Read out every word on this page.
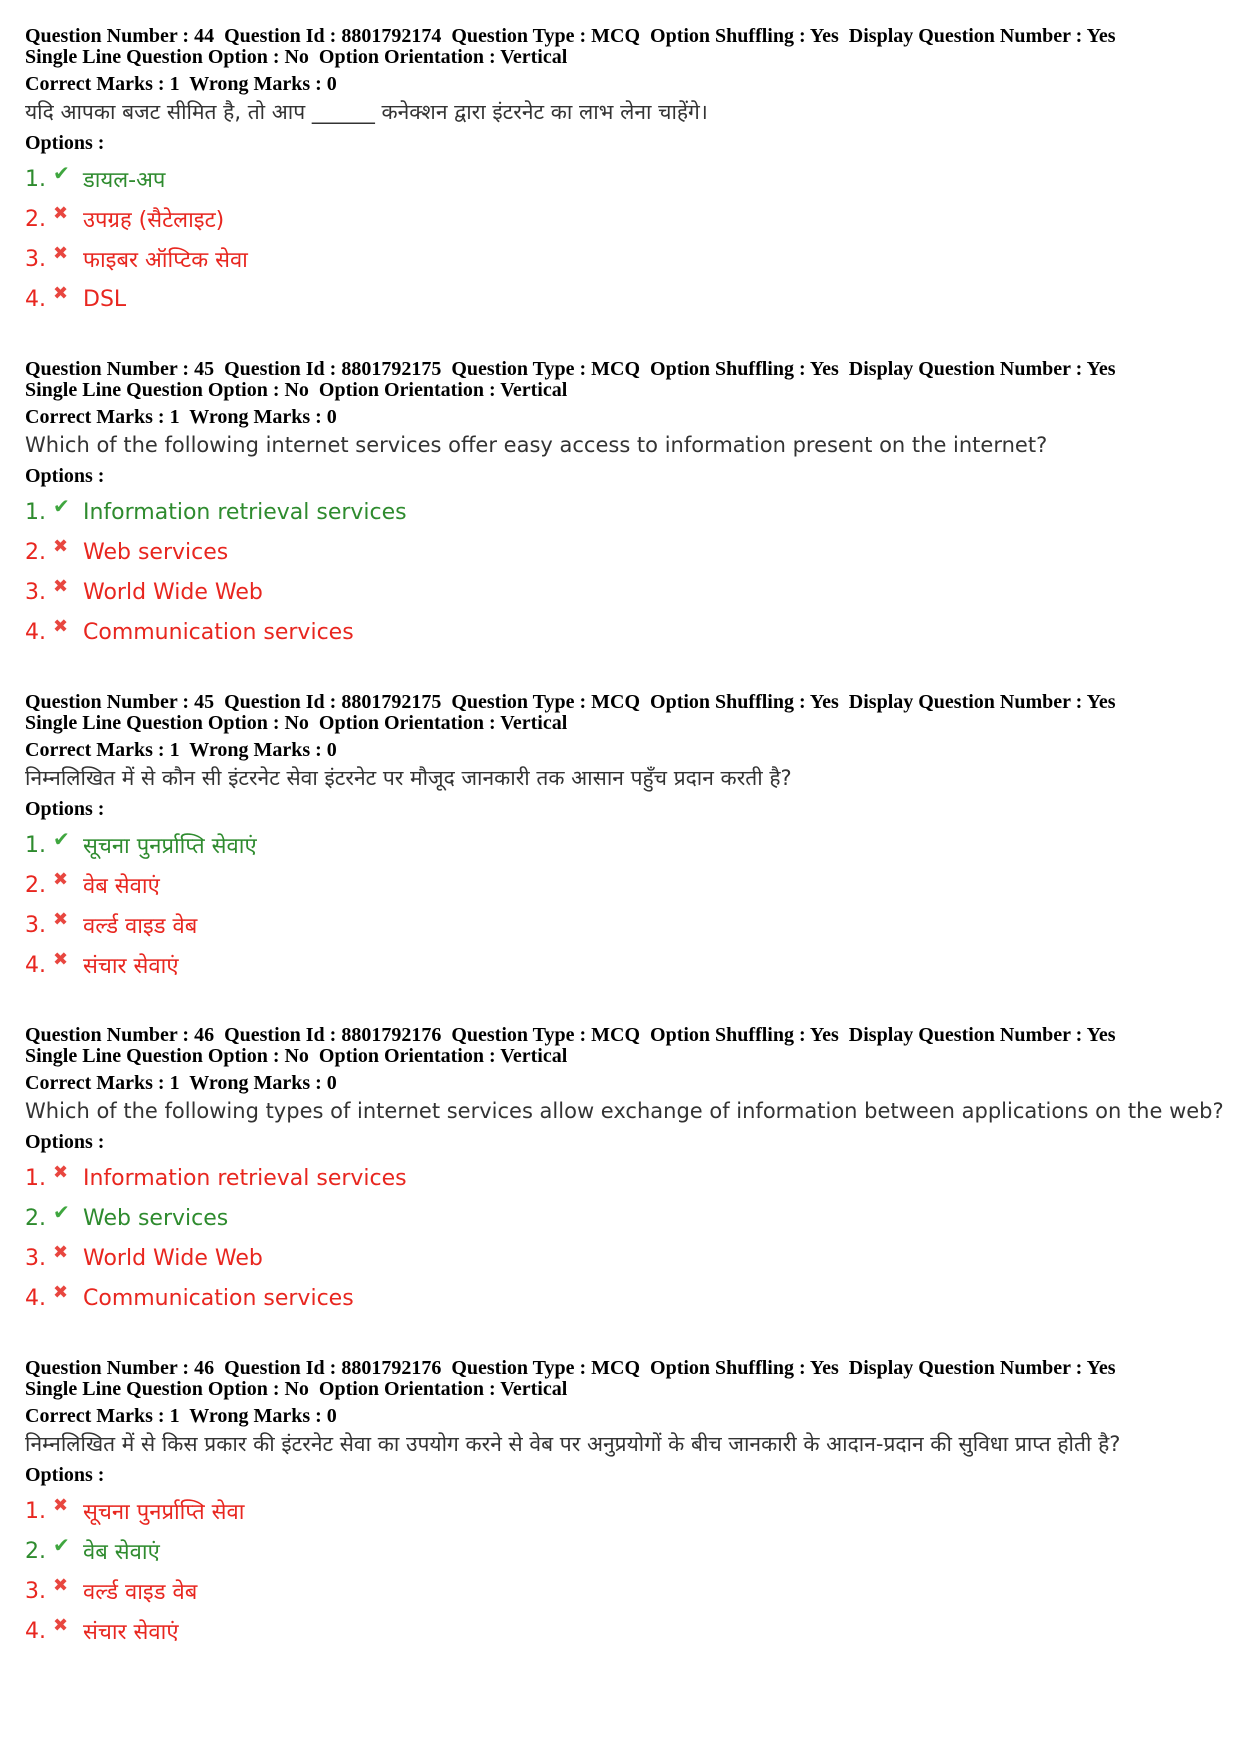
Question Number : 44  Question Id : 8801792174  Question Type : MCQ  Option Shuffling : Yes  Display Question Number : Yes
Single Line Question Option : No  Option Orientation : Vertical
Correct Marks : 1  Wrong Marks : 0
यदि आपका बजट सीमित है, तो आप ______ कनेक्शन द्वारा इंटरनेट का लाभ लेना चाहेंगे।
Options :
1. ✔ डायल-अप
2. ✖ उपग्रह (सैटेलाइट)
3. ✖ फाइबर ऑप्टिक सेवा
4. ✖ DSL
Question Number : 45  Question Id : 8801792175  Question Type : MCQ  Option Shuffling : Yes  Display Question Number : Yes
Single Line Question Option : No  Option Orientation : Vertical
Correct Marks : 1  Wrong Marks : 0
Which of the following internet services offer easy access to information present on the internet?
Options :
1. ✔ Information retrieval services
2. ✖ Web services
3. ✖ World Wide Web
4. ✖ Communication services
Question Number : 45  Question Id : 8801792175  Question Type : MCQ  Option Shuffling : Yes  Display Question Number : Yes
Single Line Question Option : No  Option Orientation : Vertical
Correct Marks : 1  Wrong Marks : 0
निम्नलिखित में से कौन सी इंटरनेट सेवा इंटरनेट पर मौजूद जानकारी तक आसान पहुँच प्रदान करती है?
Options :
1. ✔ सूचना पुनर्प्राप्ति सेवाएं
2. ✖ वेब सेवाएं
3. ✖ वर्ल्ड वाइड वेब
4. ✖ संचार सेवाएं
Question Number : 46  Question Id : 8801792176  Question Type : MCQ  Option Shuffling : Yes  Display Question Number : Yes
Single Line Question Option : No  Option Orientation : Vertical
Correct Marks : 1  Wrong Marks : 0
Which of the following types of internet services allow exchange of information between applications on the web?
Options :
1. ✖ Information retrieval services
2. ✔ Web services
3. ✖ World Wide Web
4. ✖ Communication services
Question Number : 46  Question Id : 8801792176  Question Type : MCQ  Option Shuffling : Yes  Display Question Number : Yes
Single Line Question Option : No  Option Orientation : Vertical
Correct Marks : 1  Wrong Marks : 0
निम्नलिखित में से किस प्रकार की इंटरनेट सेवा का उपयोग करने से वेब पर अनुप्रयोगों के बीच जानकारी के आदान-प्रदान की सुविधा प्राप्त होती है?
Options :
1. ✖ सूचना पुनर्प्राप्ति सेवा
2. ✔ वेब सेवाएं
3. ✖ वर्ल्ड वाइड वेब
4. ✖ संचार सेवाएं
